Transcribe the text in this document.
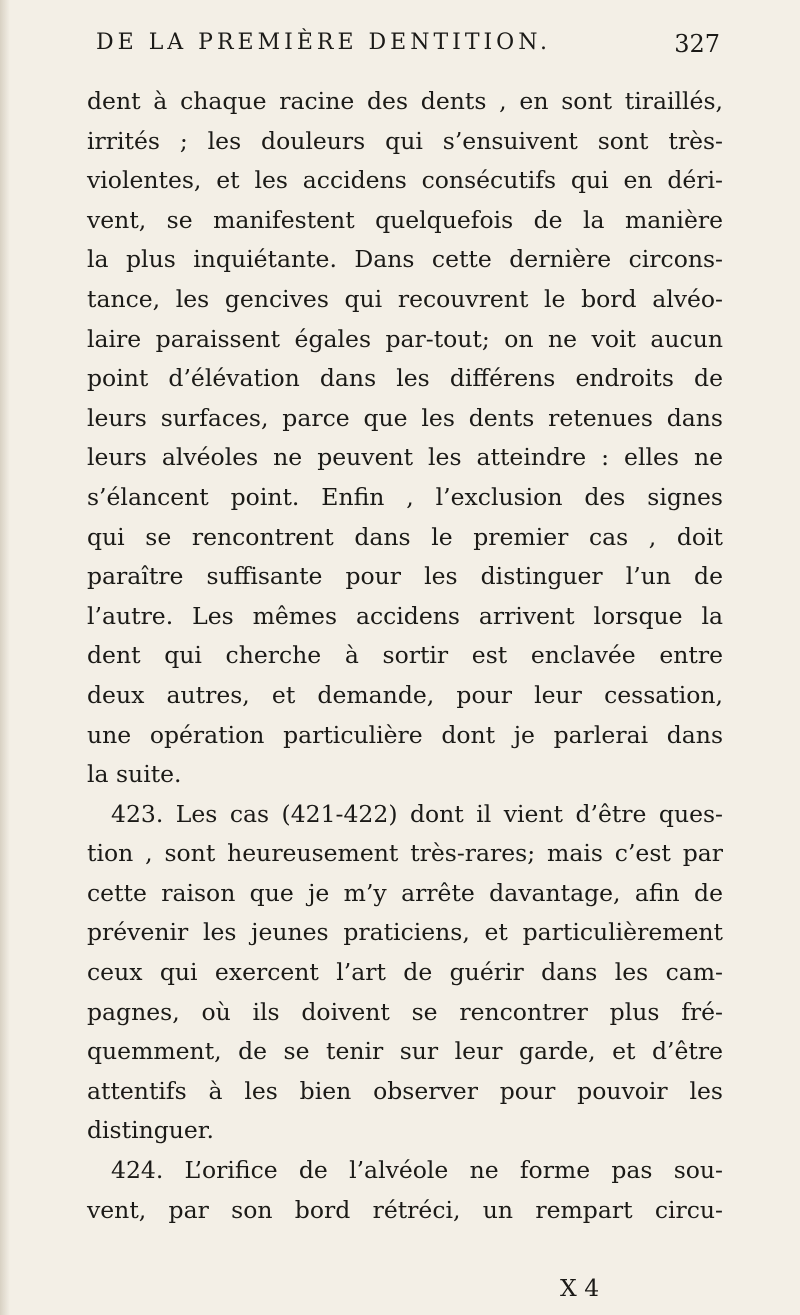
DE LA PREMIÈRE DENTITION.	327
dent à chaque racine des dents , en sont tiraillés,
irrités ; les douleurs qui s’ensuivent sont très-
violentes, et les accidens consécutifs qui en déri-
vent, se manifestent quelquefois de la manière
la plus inquiétante. Dans cette dernière circons-
tance, les gencives qui recouvrent le bord alvéo-
laire paraissent égales par-tout; on ne voit aucun
point d’élévation dans les différens endroits de
leurs surfaces, parce que les dents retenues dans
leurs alvéoles ne peuvent les atteindre : elles ne
s’élancent point. Enfin , l’exclusion des signes
qui se rencontrent dans le premier cas , doit
paraître suffisante pour les distinguer l’un de
l’autre. Les mêmes accidens arrivent lorsque la
dent qui cherche à sortir est enclavée entre
deux autres, et demande, pour leur cessation,
une opération particulière dont je parlerai dans
la suite.
423. Les cas (421-422) dont il vient d’être ques-
tion , sont heureusement très-rares; mais c’est par
cette raison que je m’y arrête davantage, afin de
prévenir les jeunes praticiens, et particulièrement
ceux qui exercent l’art de guérir dans les cam-
pagnes, où ils doivent se rencontrer plus fré-
quemment, de se tenir sur leur garde, et d’être
attentifs à les bien observer pour pouvoir les
distinguer.
424. L’orifice de l’alvéole ne forme pas sou-
vent, par son bord rétréci, un rempart circu-
X 4
